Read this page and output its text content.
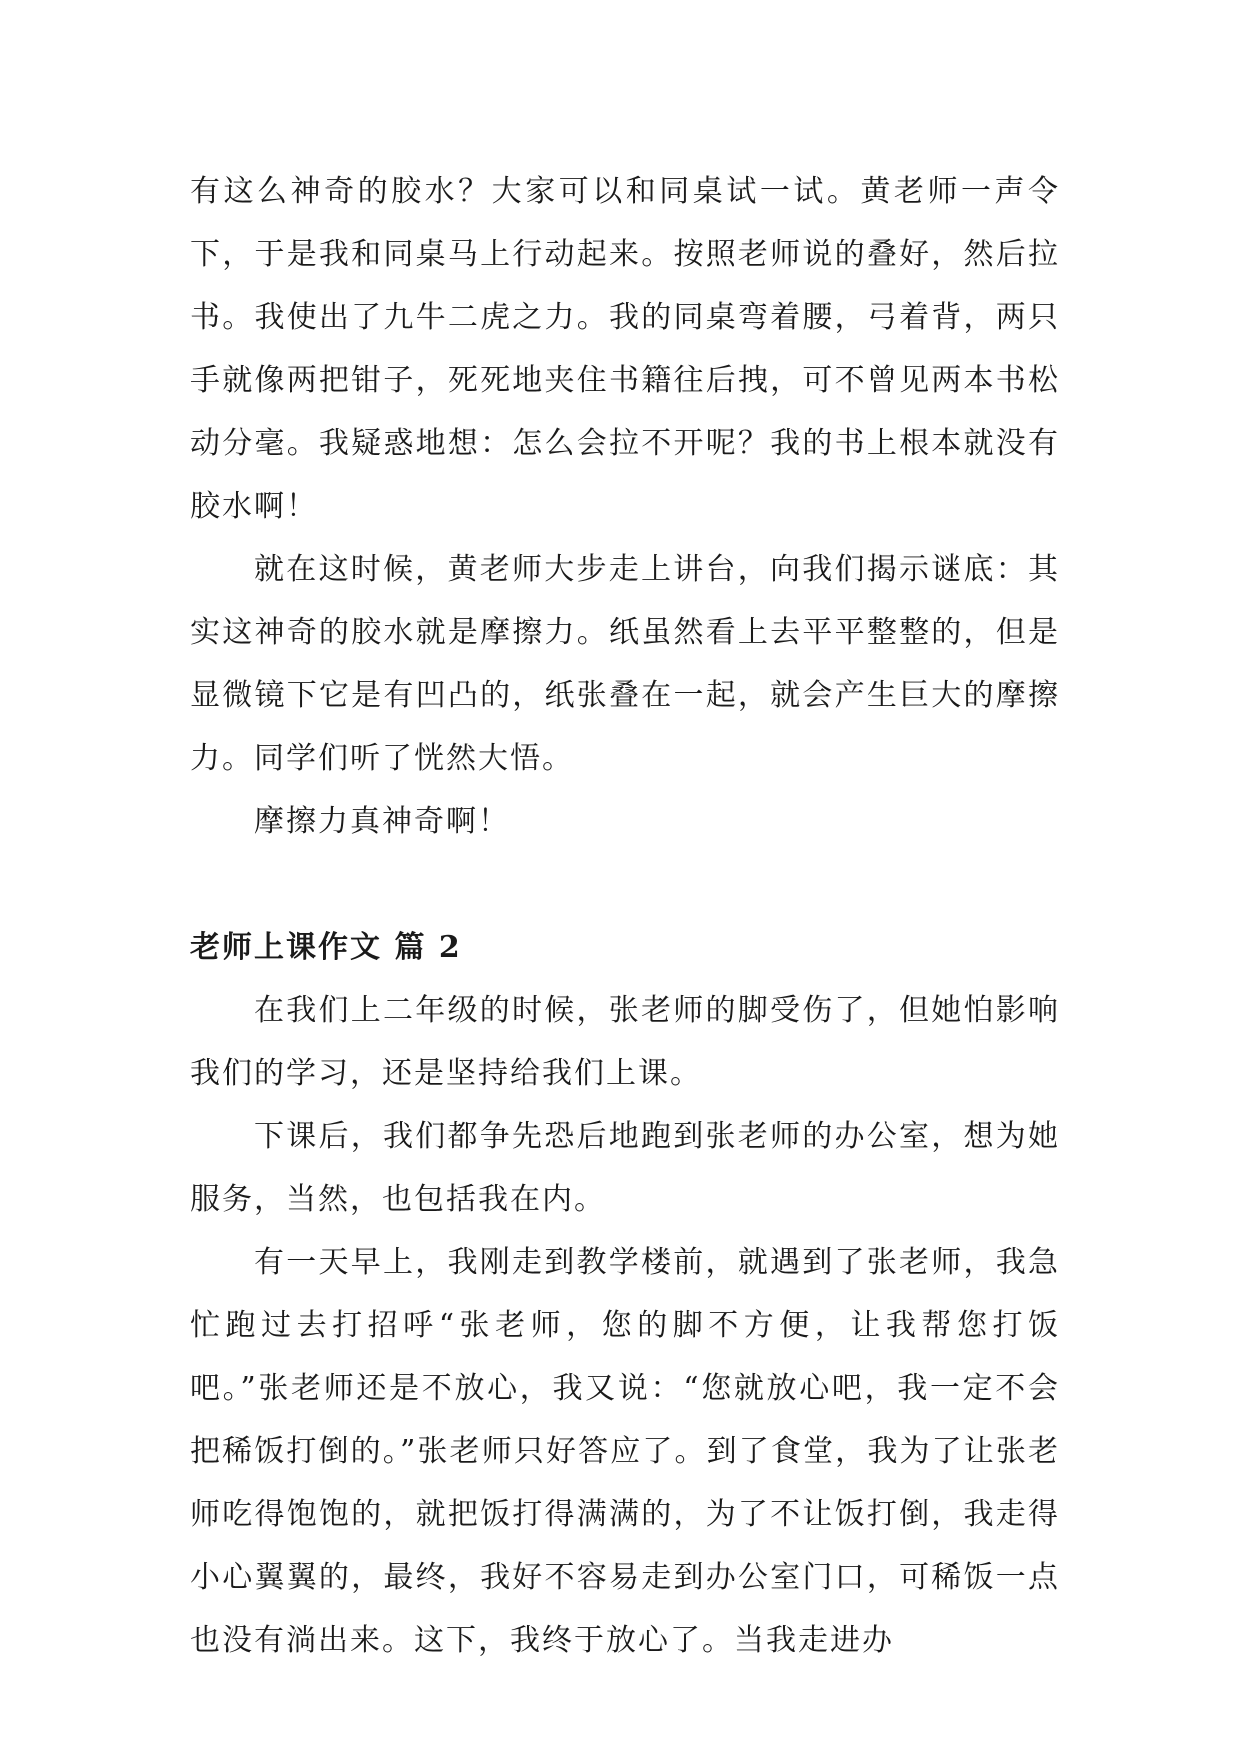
有这么神奇的胶水？大家可以和同桌试一试。黄老师一声令下，于是我和同桌马上行动起来。按照老师说的叠好，然后拉书。我使出了九牛二虎之力。我的同桌弯着腰，弓着背，两只手就像两把钳子，死死地夹住书籍往后拽，可不曾见两本书松动分毫。我疑惑地想：怎么会拉不开呢？我的书上根本就没有胶水啊！

就在这时候，黄老师大步走上讲台，向我们揭示谜底：其实这神奇的胶水就是摩擦力。纸虽然看上去平平整整的，但是显微镜下它是有凹凸的，纸张叠在一起，就会产生巨大的摩擦力。同学们听了恍然大悟。

摩擦力真神奇啊！

老师上课作文 篇 2

在我们上二年级的时候，张老师的脚受伤了，但她怕影响我们的学习，还是坚持给我们上课。

下课后，我们都争先恐后地跑到张老师的办公室，想为她服务，当然，也包括我在内。

有一天早上，我刚走到教学楼前，就遇到了张老师，我急忙跑过去打招呼“张老师，您的脚不方便，让我帮您打饭吧。”张老师还是不放心，我又说：“您就放心吧，我一定不会把稀饭打倒的。”张老师只好答应了。到了食堂，我为了让张老师吃得饱饱的，就把饭打得满满的，为了不让饭打倒，我走得小心翼翼的，最终，我好不容易走到办公室门口，可稀饭一点也没有淌出来。这下，我终于放心了。当我走进办
